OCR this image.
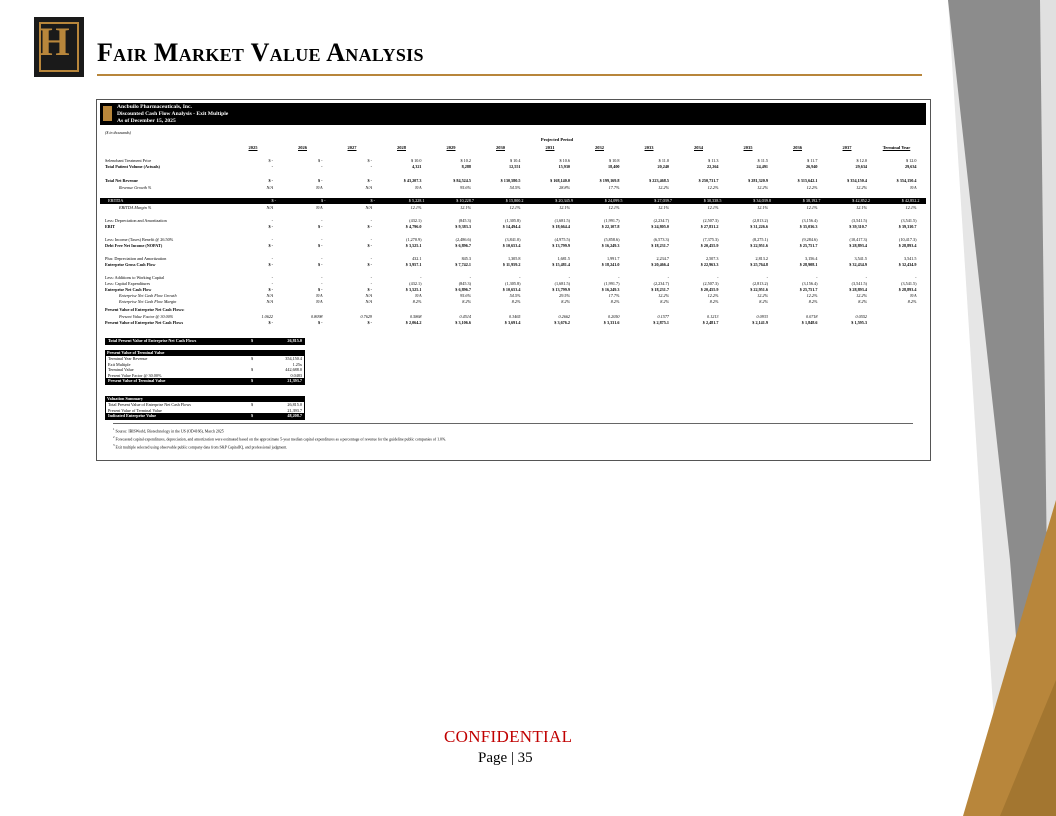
H Fair Market Value Analysis
Ancbuilo Pharmaceuticals, Inc.
Discounted Cash Flow Analysis - Exit Multiple
As of December 15, 2025
($ in thousands)
Projected Period
2025	2026	2027	2028	2029	2030	2031	2032	2033	2034	2035	2036	2037	Terminal Year
Selenobant Treatment Price	$ -	$ -	$ -	$ 10.0	$ 10.2	$ 10.4	$ 10.6	$ 10.8	$ 11.0	$ 11.3	$ 11.5	$ 11.7	$ 12.0	$ 12.0
Total Patient Volume (Actuals)	-	-	-	4,321	8,288	12,551	15,930	18,400	20,240	22,264	24,491	26,940	29,634	29,634
Total Net Revenue	$ -	$ -	$ -	$ 43,207.3	$ 84,524.5	$ 130,580.5	$ 168,140.0	$ 199,169.8	$ 223,468.5	$ 250,731.7	$ 281,320.9	$ 315,642.1	$ 354,150.4	$ 354,150.4
Revenue Growth %	N/A	N/A	N/A	N/A	95.6%	54.5%	28.8%	17.7%	12.2%	12.2%	12.2%	12.2%	12.2%	N/A
EBITDA	$ -	$ -	$ -	$ 5,228.1	$ 10,228.7	$ 15,800.2	$ 20,345.9	$ 24,099.5	$ 27,039.7	$ 30,338.5	$ 34,039.8	$ 38,192.7	$ 42,852.2	$ 42,852.2
EBITDA Margin %	N/A	N/A	N/A	12.1%	12.1%	12.1%	12.1%	12.1%	12.1%	12.1%	12.1%	12.1%	12.1%	12.1%
Less: Depreciation and Amortization	-	-	-	(432.1)	(845.3)	(1,305.8)	(1,681.5)	(1,991.7)	(2,234.7)	(2,507.3)	(2,813.2)	(3,156.4)	(3,541.5)	(3,541.5)
EBIT	$ -	$ -	$ -	$ 4,796.0	$ 9,383.3	$ 14,494.4	$ 18,664.4	$ 22,107.8	$ 24,805.0	$ 27,831.2	$ 31,226.6	$ 35,036.3	$ 39,310.7	$ 39,310.7
Less: Income (Taxes) Benefit @ 26.50%	-	-	-	(1,270.9)	(2,486.6)	(3,841.0)	(4,975.5)	(5,858.6)	(6,573.3)	(7,375.3)	(8,275.1)	(9,284.6)	(10,417.3)	(10,417.3)
Debt Free Net Income (NOPAT)	$ -	$ -	$ -	$ 3,525.1	$ 6,896.7	$ 10,653.4	$ 13,799.9	$ 16,249.3	$ 18,231.7	$ 20,455.9	$ 22,951.6	$ 25,751.7	$ 28,893.4	$ 28,893.4
Plus: Depreciation and Amortization	-	-	-	432.1	845.3	1,305.8	1,681.5	1,991.7	2,234.7	2,507.3	2,813.2	3,156.4	3,541.5	3,541.5
Enterprise Gross Cash Flow	$ -	$ -	$ -	$ 3,957.1	$ 7,742.1	$ 11,959.2	$ 15,481.4	$ 18,241.0	$ 20,466.4	$ 22,963.3	$ 25,764.8	$ 28,908.1	$ 32,434.9	$ 32,434.9
Less: Additions to Working Capital	-	-	-	-	-	-	-	-	-	-	-	-	-	-
Less: Capital Expenditures	-	-	-	(432.1)	(845.3)	(1,305.8)	(1,681.5)	(1,991.7)	(2,234.7)	(2,507.3)	(2,813.2)	(3,156.4)	(3,541.5)	(3,541.5)
Enterprise Net Cash Flow	$ -	$ -	$ -	$ 3,525.1	$ 6,896.7	$ 10,653.4	$ 13,799.9	$ 16,249.3	$ 18,231.7	$ 20,455.9	$ 22,951.6	$ 25,751.7	$ 28,893.4	$ 28,893.4
Enterprise Net Cash Flow Growth	N/A	N/A	N/A	N/A	95.6%	54.5%	29.5%	17.7%	12.2%	12.2%	12.2%	12.2%	12.2%	N/A
Enterprise Net Cash Flow Margin	N/A	N/A	N/A	8.2%	8.2%	8.2%	8.2%	8.2%	8.2%	8.2%	8.2%	8.2%	8.2%	8.2%
Present Value of Enterprise Net Cash Flows:
Present Value Factor @ 30.00%	1.0622	0.8098	0.7629	0.5868	0.4514	0.3465	0.2662	0.2050	0.1577	0.1213	0.0933	0.0718	0.0552
Present Value of Enterprise Net Cash Flows	$ -	$ -	$ -	$ 2,064.2	$ 3,106.6	$ 3,691.4	$ 3,676.2	$ 3,331.6	$ 2,875.1	$ 2,481.7	$ 2,141.9	$ 1,848.6	$ 1,595.3
Total Present Value of Enterprise Net Cash Flows	$	26,815.0
Present Value of Terminal Value
Terminal Year Revenue	$	354,150.4
Exit Multiple	1.25x
Terminal Value	$	442,688.0
Present Value Factor @ 30.00%	0.0483
Present Value of Terminal Value	$	21,393.7
Valuation Summary
Total Present Value of Enterprise Net Cash Flows	$	26,815.0
Present Value of Terminal Value	21,393.7
Indicated Enterprise Value	$	48,208.7
$^1$ Source: IBISWorld, Biotechnology in the US (OD4166), March 2025
$^2$ Forecasted capital expenditures, depreciation, and amortization were estimated based on the approximate 5-year median capital expenditures as a percentage of revenue for the guideline public companies of 1.0%.
$^3$ Exit multiple selected using observable public company data from S&P CapitalIQ, and professional judgment.
CONFIDENTIAL
Page | 35
